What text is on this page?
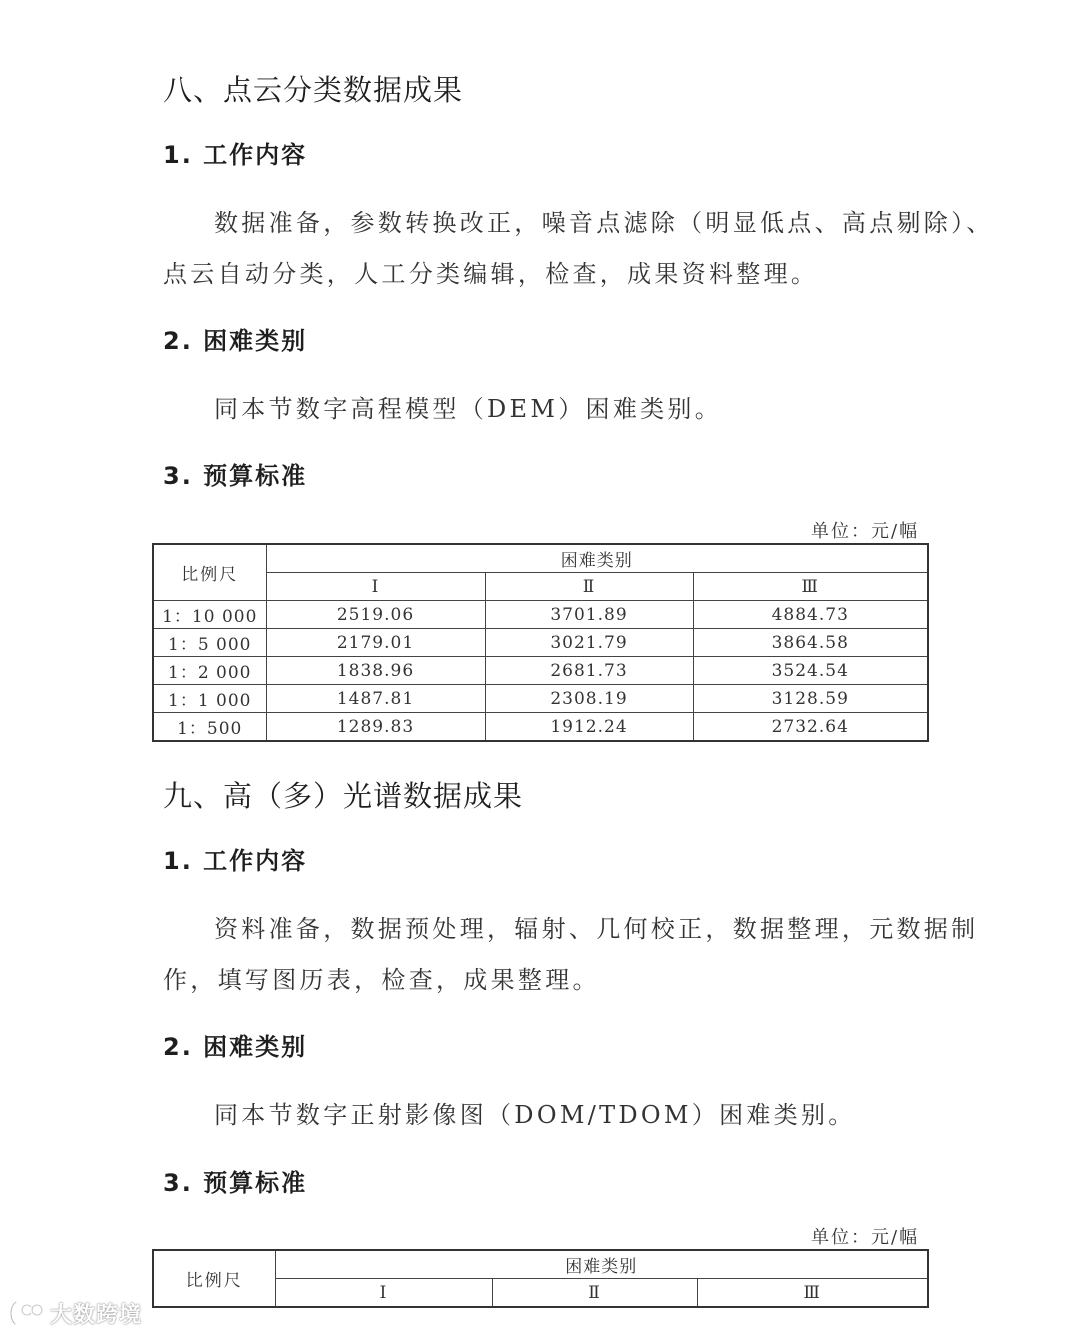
八、点云分类数据成果
1. 工作内容
数据准备，参数转换改正，噪音点滤除（明显低点、高点剔除）、
点云自动分类，人工分类编辑，检查，成果资料整理。
2. 困难类别
同本节数字高程模型（DEM）困难类别。
3. 预算标准
单位：元/幅
比例尺	困难类别		
	Ⅰ	Ⅱ	Ⅲ
1：10 000	2519.06	3701.89	4884.73
1：5 000	2179.01	3021.79	3864.58
1：2 000	1838.96	2681.73	3524.54
1：1 000	1487.81	2308.19	3128.59
1：500	1289.83	1912.24	2732.64
九、高（多）光谱数据成果
1. 工作内容
资料准备，数据预处理，辐射、几何校正，数据整理，元数据制
作，填写图历表，检查，成果整理。
2. 困难类别
同本节数字正射影像图（DOM/TDOM）困难类别。
3. 预算标准
单位：元/幅
比例尺	困难类别		
	Ⅰ	Ⅱ	Ⅲ
大数跨境
